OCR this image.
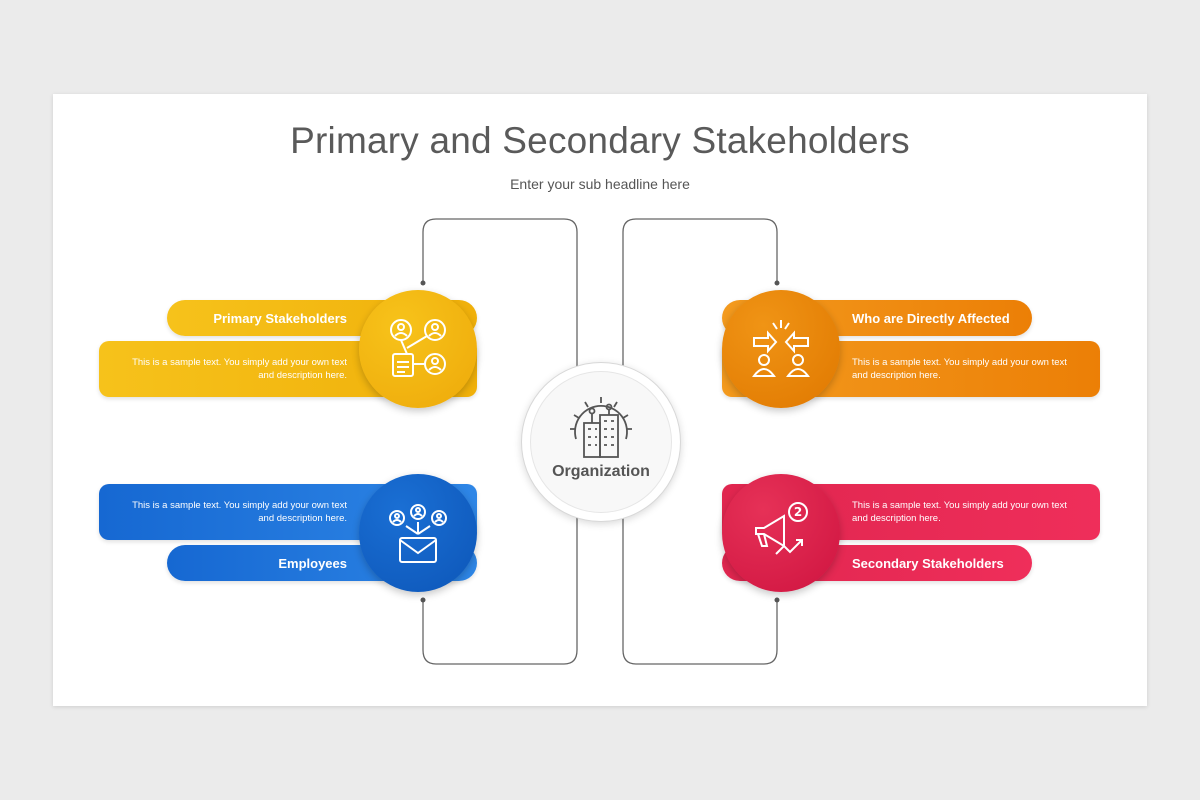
Primary and Secondary Stakeholders
Enter your sub headline here
Primary Stakeholders
This is a sample text. You simply add your own text and description here.
Who are Directly Affected
This is a sample text. You simply add your own text and description here.
This is a sample text. You simply add your own text and description here.
Employees
This is a sample text. You simply add your own text and description here.
Secondary Stakeholders
2
Organization
